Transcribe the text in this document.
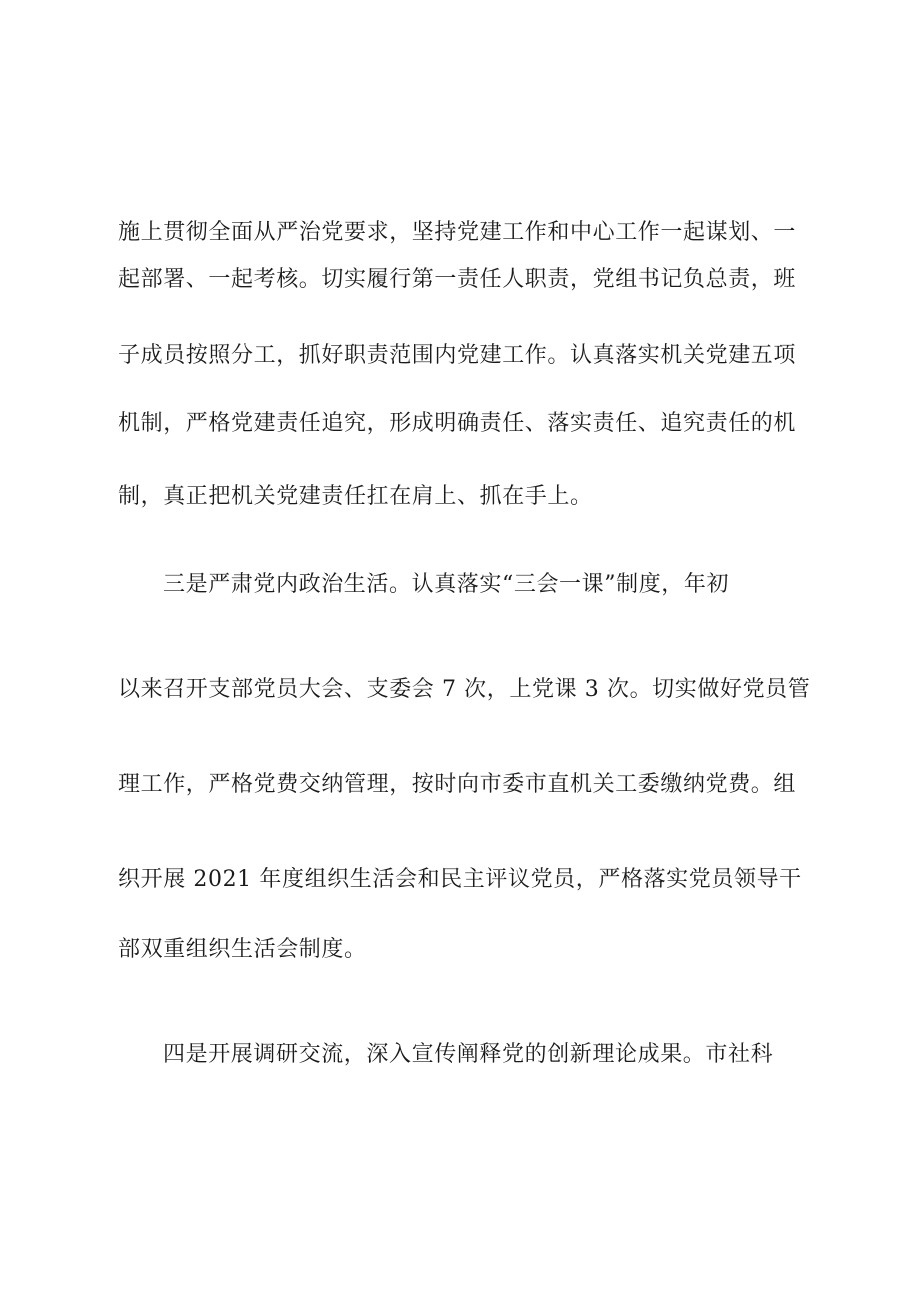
施上贯彻全面从严治党要求，坚持党建工作和中心工作一起谋划、一
起部署、一起考核。切实履行第一责任人职责，党组书记负总责，班
子成员按照分工，抓好职责范围内党建工作。认真落实机关党建五项
机制，严格党建责任追究，形成明确责任、落实责任、追究责任的机
制，真正把机关党建责任扛在肩上、抓在手上。
三是严肃党内政治生活。认真落实“三会一课”制度，年初
以来召开支部党员大会、支委会 7 次，上党课 3 次。切实做好党员管
理工作，严格党费交纳管理，按时向市委市直机关工委缴纳党费。组
织开展 2021 年度组织生活会和民主评议党员，严格落实党员领导干
部双重组织生活会制度。
四是开展调研交流，深入宣传阐释党的创新理论成果。市社科
